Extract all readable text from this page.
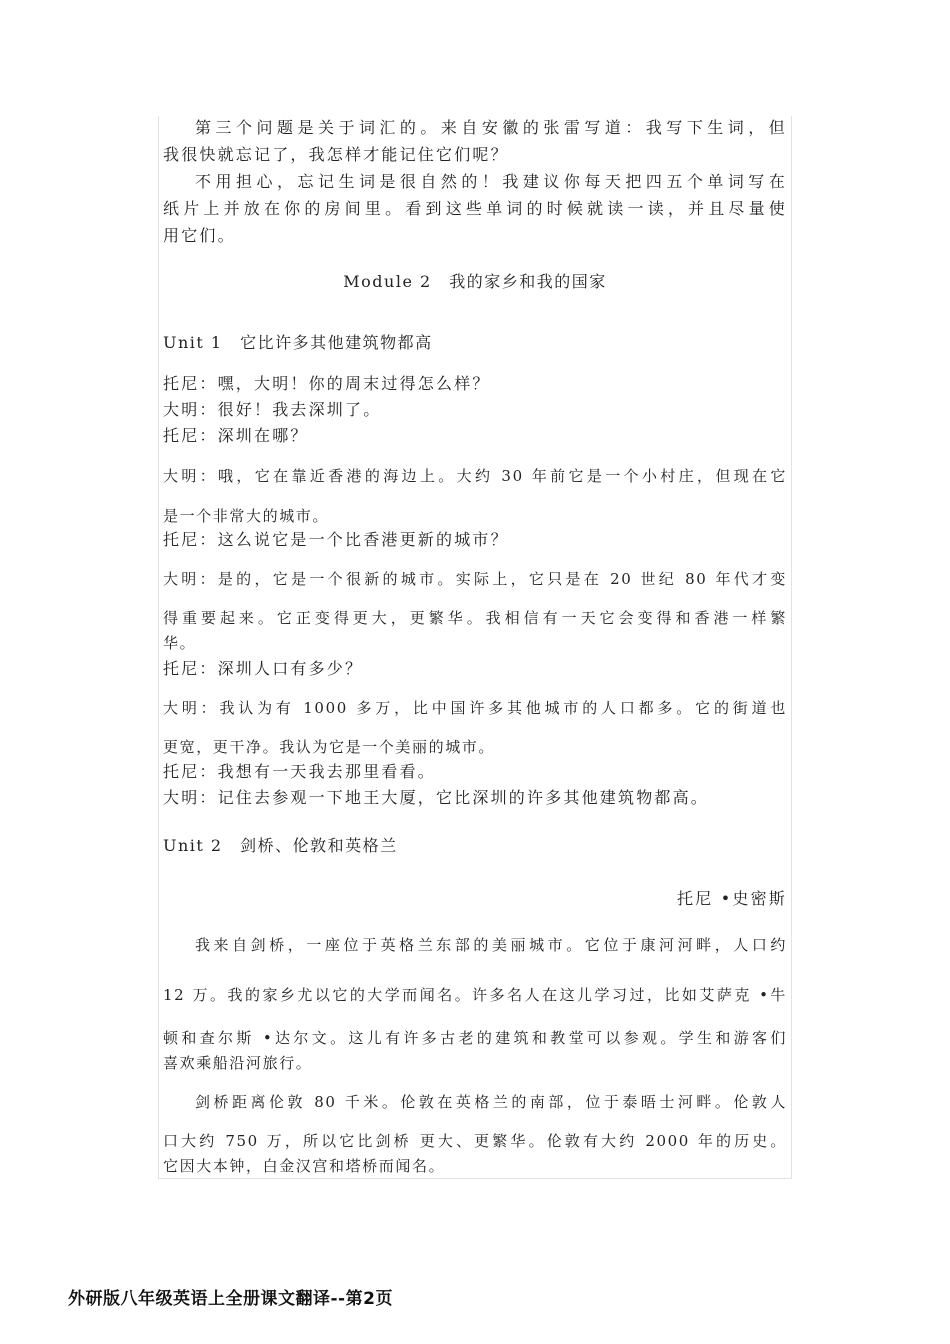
第三个问题是关于词汇的。来自安徽的张雷写道：我写下生词，但

我很快就忘记了，我怎样才能记住它们呢？

不用担心，忘记生词是很自然的！我建议你每天把四五个单词写在

纸片上并放在你的房间里。看到这些单词的时候就读一读，并且尽量使

用它们。

Module 2　我的家乡和我的国家

Unit 1　它比许多其他建筑物都高

托尼：嘿，大明！你的周末过得怎么样？

大明：很好！我去深圳了。

托尼：深圳在哪？

大明：哦，它在靠近香港的海边上。大约 30 年前它是一个小村庄，但现在它

是一个非常大的城市。

托尼：这么说它是一个比香港更新的城市？

大明：是的，它是一个很新的城市。实际上，它只是在 20 世纪 80 年代才变

得重要起来。它正变得更大，更繁华。我相信有一天它会变得和香港一样繁

华。

托尼：深圳人口有多少？

大明：我认为有 1000 多万，比中国许多其他城市的人口都多。它的街道也

更宽，更干净。我认为它是一个美丽的城市。

托尼：我想有一天我去那里看看。

大明：记住去参观一下地王大厦，它比深圳的许多其他建筑物都高。

Unit 2　剑桥、伦敦和英格兰

托尼 •史密斯

我来自剑桥，一座位于英格兰东部的美丽城市。它位于康河河畔，人口约

12 万。我的家乡尤以它的大学而闻名。许多名人在这儿学习过，比如艾萨克 •牛

顿和查尔斯 •达尔文。这儿有许多古老的建筑和教堂可以参观。学生和游客们

喜欢乘船沿河旅行。

剑桥距离伦敦 80 千米。伦敦在英格兰的南部，位于泰晤士河畔。伦敦人

口大约 750 万，所以它比剑桥 更大、更繁华。伦敦有大约 2000 年的历史。

它因大本钟，白金汉宫和塔桥而闻名。

外研版八年级英语上全册课文翻译--第2页
